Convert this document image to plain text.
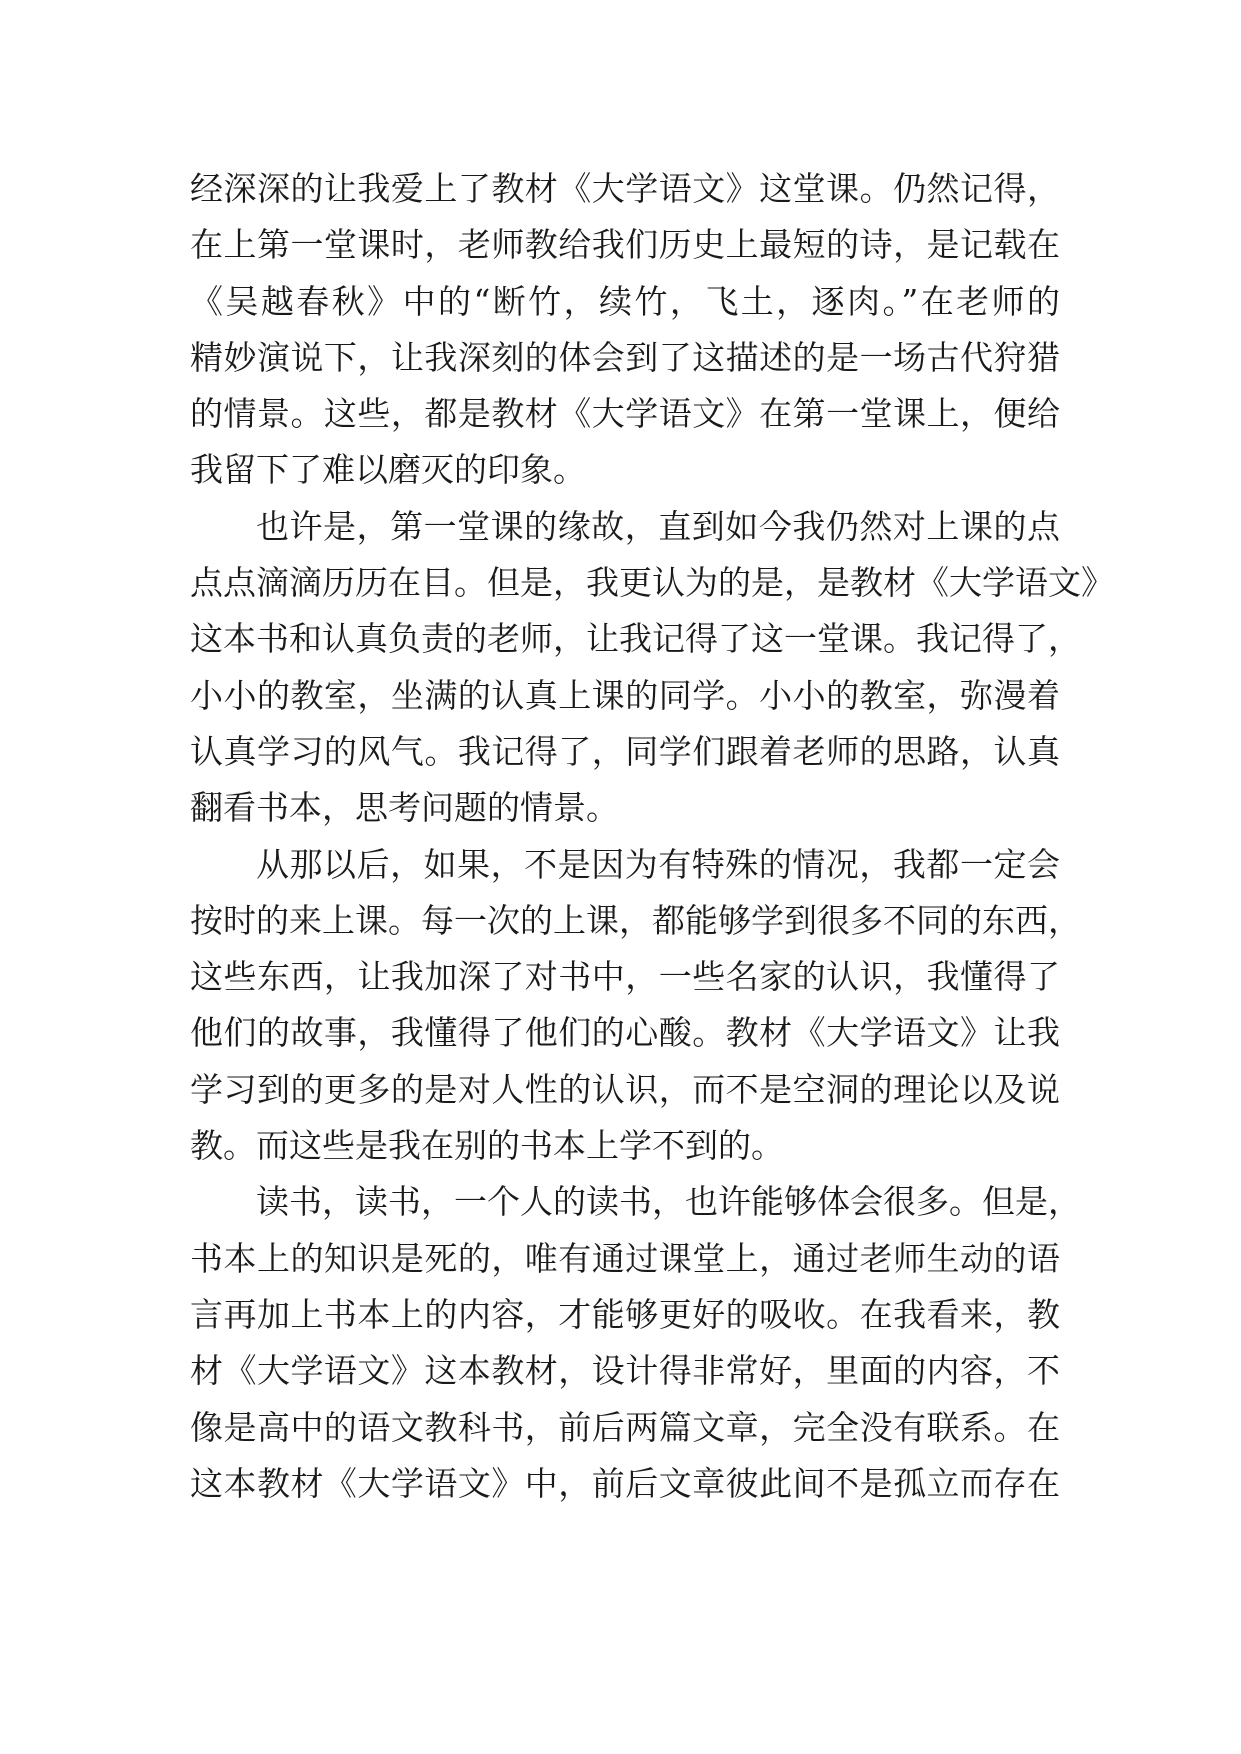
经深深的让我爱上了教材《大学语文》这堂课。仍然记得，
在上第一堂课时，老师教给我们历史上最短的诗，是记载在
《吴越春秋》中的“断竹，续竹，飞土，逐肉。”在老师的
精妙演说下，让我深刻的体会到了这描述的是一场古代狩猎
的情景。这些，都是教材《大学语文》在第一堂课上，便给
我留下了难以磨灭的印象。
也许是，第一堂课的缘故，直到如今我仍然对上课的点
点点滴滴历历在目。但是，我更认为的是，是教材《大学语文》
这本书和认真负责的老师，让我记得了这一堂课。我记得了，
小小的教室，坐满的认真上课的同学。小小的教室，弥漫着
认真学习的风气。我记得了，同学们跟着老师的思路，认真
翻看书本，思考问题的情景。
从那以后，如果，不是因为有特殊的情况，我都一定会
按时的来上课。每一次的上课，都能够学到很多不同的东西，
这些东西，让我加深了对书中，一些名家的认识，我懂得了
他们的故事，我懂得了他们的心酸。教材《大学语文》让我
学习到的更多的是对人性的认识，而不是空洞的理论以及说
教。而这些是我在别的书本上学不到的。
读书，读书，一个人的读书，也许能够体会很多。但是，
书本上的知识是死的，唯有通过课堂上，通过老师生动的语
言再加上书本上的内容，才能够更好的吸收。在我看来，教
材《大学语文》这本教材，设计得非常好，里面的内容，不
像是高中的语文教科书，前后两篇文章，完全没有联系。在
这本教材《大学语文》中，前后文章彼此间不是孤立而存在
